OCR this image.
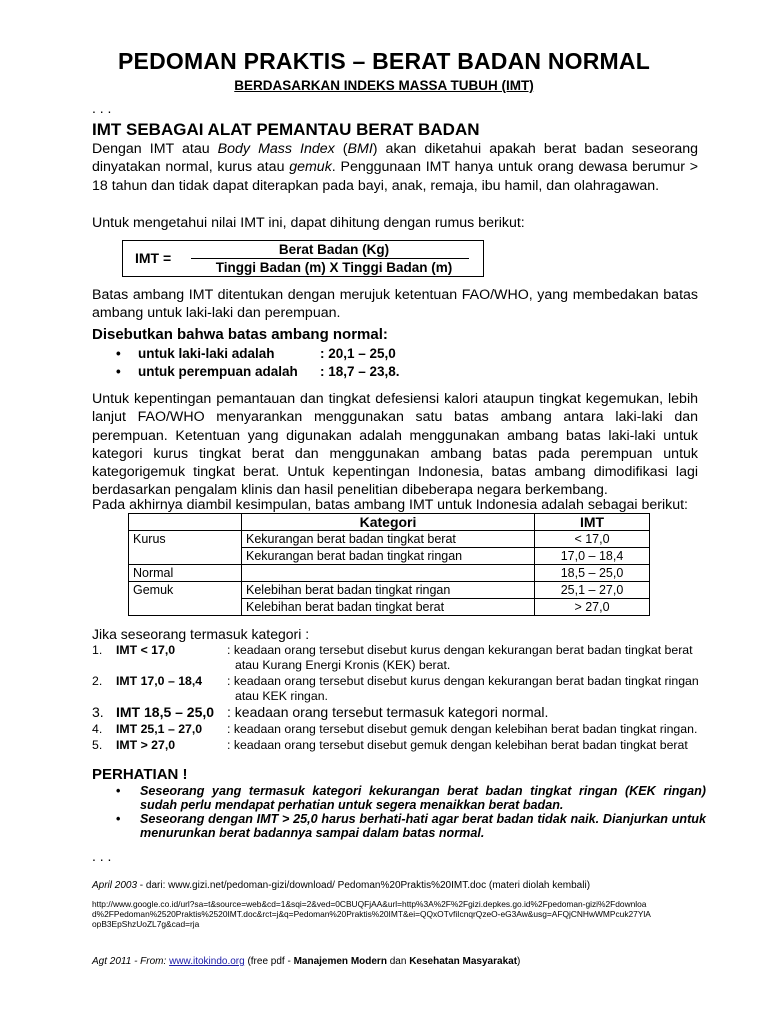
PEDOMAN PRAKTIS – BERAT BADAN NORMAL
BERDASARKAN INDEKS MASSA TUBUH (IMT)
. . .
IMT SEBAGAI ALAT PEMANTAU BERAT BADAN
Dengan IMT atau Body Mass Index (BMI) akan diketahui apakah berat badan seseorang dinyatakan normal, kurus atau gemuk. Penggunaan IMT hanya untuk orang dewasa berumur > 18 tahun dan tidak dapat diterapkan pada bayi, anak, remaja, ibu hamil, dan olahragawan.
Untuk mengetahui nilai IMT ini, dapat dihitung dengan rumus berikut:
IMT =
Berat Badan (Kg)
Tinggi Badan (m) X Tinggi Badan (m)
Batas ambang IMT ditentukan dengan merujuk ketentuan FAO/WHO, yang membedakan batas ambang untuk laki-laki dan perempuan.
Disebutkan bahwa batas ambang normal:
• untuk laki-laki adalah	: 20,1 – 25,0
• untuk perempuan adalah : 18,7 – 23,8.
Untuk kepentingan pemantauan dan tingkat defesiensi kalori ataupun tingkat kegemukan, lebih lanjut FAO/WHO menyarankan menggunakan satu batas ambang antara laki-laki dan perempuan. Ketentuan yang digunakan adalah menggunakan ambang batas laki-laki untuk kategori kurus tingkat berat dan menggunakan ambang batas pada perempuan untuk kategorigemuk tingkat berat. Untuk kepentingan Indonesia, batas ambang dimodifikasi lagi berdasarkan pengalam klinis dan hasil penelitian dibeberapa negara berkembang.
Pada akhirnya diambil kesimpulan, batas ambang IMT untuk Indonesia adalah sebagai berikut:
	Kategori	IMT
Kurus	Kekurangan berat badan tingkat berat	< 17,0
	Kekurangan berat badan tingkat ringan	17,0 – 18,4
Normal		18,5 – 25,0
Gemuk	Kelebihan berat badan tingkat ringan	25,1 – 27,0
	Kelebihan berat badan tingkat berat	> 27,0
Jika seseorang termasuk kategori :
1. IMT < 17,0	: keadaan orang tersebut disebut kurus dengan kekurangan berat badan tingkat berat
atau Kurang Energi Kronis (KEK) berat.
2. IMT 17,0 – 18,4 : keadaan orang tersebut disebut kurus dengan kekurangan berat badan tingkat ringan
atau KEK ringan.
3. IMT 18,5 – 25,0 : keadaan orang tersebut termasuk kategori normal.
4. IMT 25,1 – 27,0 : keadaan orang tersebut disebut gemuk dengan kelebihan berat badan tingkat ringan.
5. IMT > 27,0	: keadaan orang tersebut disebut gemuk dengan kelebihan berat badan tingkat berat
PERHATIAN !
• Seseorang yang termasuk kategori kekurangan berat badan tingkat ringan (KEK ringan) sudah perlu mendapat perhatian untuk segera menaikkan berat badan.
• Seseorang dengan IMT > 25,0 harus berhati-hati agar berat badan tidak naik. Dianjurkan untuk menurunkan berat badannya sampai dalam batas normal.
. . .
April 2003 - dari: www.gizi.net/pedoman-gizi/download/ Pedoman%20Praktis%20IMT.doc (materi diolah kembali)
http://www.google.co.id/url?sa=t&source=web&cd=1&sqi=2&ved=0CBUQFjAA&url=http%3A%2F%2Fgizi.depkes.go.id%2Fpedoman-gizi%2Fdownload%2FPedoman%2520Praktis%2520IMT.doc&rct=j&q=Pedoman%20Praktis%20IMT&ei=QQxOTvfiIcnqrQzeO-eG3Aw&usg=AFQjCNHwWMPcuk27YlAopB3EpShzUoZL7g&cad=rja
Agt 2011 - From: www.itokindo.org (free pdf - Manajemen Modern dan Kesehatan Masyarakat)
